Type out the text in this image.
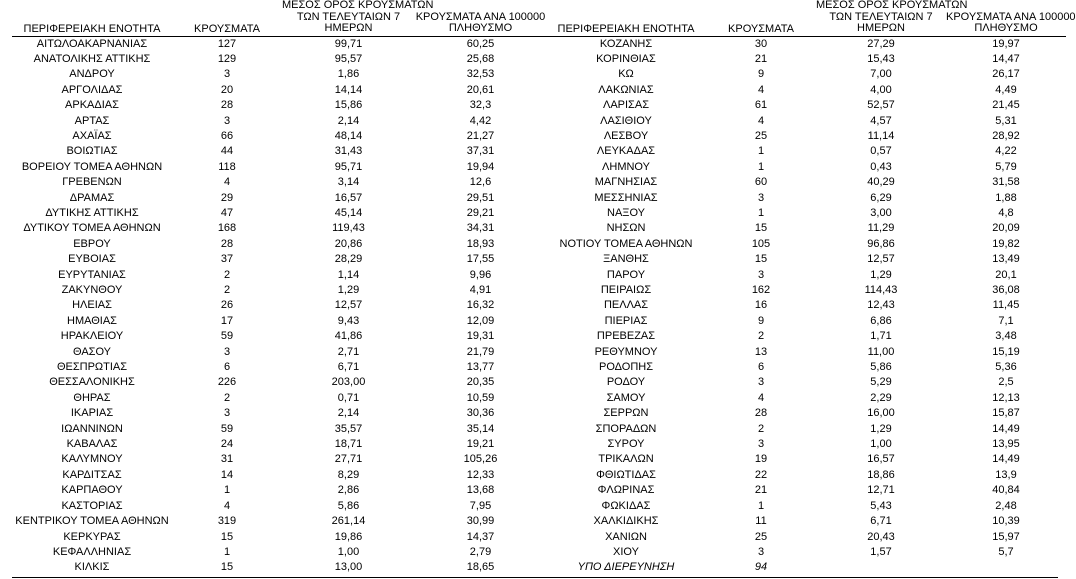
ΠΕΡΙΦΕΡΕΙΑΚΗ ΕΝΟΤΗΤΑ	ΚΡΟΥΣΜΑΤΑ	ΜΕΣΟΣ ΟΡΟΣ ΚΡΟΥΣΜΑΤΩΝ
ΤΩΝ ΤΕΛΕΥΤΑΙΩΝ 7
ΗΜΕΡΩΝ	ΚΡΟΥΣΜΑΤΑ ΑΝΑ 100000
ΠΛΗΘΥΣΜΟ

ΑΙΤΩΛΟΑΚΑΡΝΑΝΙΑΣ	127	99,71	60,25
ΑΝΑΤΟΛΙΚΗΣ ΑΤΤΙΚΗΣ	129	95,57	25,68
ΑΝΔΡΟΥ	3	1,86	32,53
ΑΡΓΟΛΙΔΑΣ	20	14,14	20,61
ΑΡΚΑΔΙΑΣ	28	15,86	32,3
ΑΡΤΑΣ	3	2,14	4,42
ΑΧΑΪΑΣ	66	48,14	21,27
ΒΟΙΩΤΙΑΣ	44	31,43	37,31
ΒΟΡΕΙΟΥ ΤΟΜΕΑ ΑΘΗΝΩΝ	118	95,71	19,94
ΓΡΕΒΕΝΩΝ	4	3,14	12,6
ΔΡΑΜΑΣ	29	16,57	29,51
ΔΥΤΙΚΗΣ ΑΤΤΙΚΗΣ	47	45,14	29,21
ΔΥΤΙΚΟΥ ΤΟΜΕΑ ΑΘΗΝΩΝ	168	119,43	34,31
ΕΒΡΟΥ	28	20,86	18,93
ΕΥΒΟΙΑΣ	37	28,29	17,55
ΕΥΡΥΤΑΝΙΑΣ	2	1,14	9,96
ΖΑΚΥΝΘΟΥ	2	1,29	4,91
ΗΛΕΙΑΣ	26	12,57	16,32
ΗΜΑΘΙΑΣ	17	9,43	12,09
ΗΡΑΚΛΕΙΟΥ	59	41,86	19,31
ΘΑΣΟΥ	3	2,71	21,79
ΘΕΣΠΡΩΤΙΑΣ	6	6,71	13,77
ΘΕΣΣΑΛΟΝΙΚΗΣ	226	203,00	20,35
ΘΗΡΑΣ	2	0,71	10,59
ΙΚΑΡΙΑΣ	3	2,14	30,36
ΙΩΑΝΝΙΝΩΝ	59	35,57	35,14
ΚΑΒΑΛΑΣ	24	18,71	19,21
ΚΑΛΥΜΝΟΥ	31	27,71	105,26
ΚΑΡΔΙΤΣΑΣ	14	8,29	12,33
ΚΑΡΠΑΘΟΥ	1	2,86	13,68
ΚΑΣΤΟΡΙΑΣ	4	5,86	7,95
ΚΕΝΤΡΙΚΟΥ ΤΟΜΕΑ ΑΘΗΝΩΝ	319	261,14	30,99
ΚΕΡΚΥΡΑΣ	15	19,86	14,37
ΚΕΦΑΛΛΗΝΙΑΣ	1	1,00	2,79
ΚΙΛΚΙΣ	15	13,00	18,65
ΠΕΡΙΦΕΡΕΙΑΚΗ ΕΝΟΤΗΤΑ	ΚΡΟΥΣΜΑΤΑ	ΜΕΣΟΣ ΟΡΟΣ ΚΡΟΥΣΜΑΤΩΝ
ΤΩΝ ΤΕΛΕΥΤΑΙΩΝ 7
ΗΜΕΡΩΝ	ΚΡΟΥΣΜΑΤΑ ΑΝΑ 100000
ΠΛΗΘΥΣΜΟ

ΚΟΖΑΝΗΣ	30	27,29	19,97
ΚΟΡΙΝΘΙΑΣ	21	15,43	14,47
ΚΩ	9	7,00	26,17
ΛΑΚΩΝΙΑΣ	4	4,00	4,49
ΛΑΡΙΣΑΣ	61	52,57	21,45
ΛΑΣΙΘΙΟΥ	4	4,57	5,31
ΛΕΣΒΟΥ	25	11,14	28,92
ΛΕΥΚΑΔΑΣ	1	0,57	4,22
ΛΗΜΝΟΥ	1	0,43	5,79
ΜΑΓΝΗΣΙΑΣ	60	40,29	31,58
ΜΕΣΣΗΝΙΑΣ	3	6,29	1,88
ΝΑΞΟΥ	1	3,00	4,8
ΝΗΣΩΝ	15	11,29	20,09
ΝΟΤΙΟΥ ΤΟΜΕΑ ΑΘΗΝΩΝ	105	96,86	19,82
ΞΑΝΘΗΣ	15	12,57	13,49
ΠΑΡΟΥ	3	1,29	20,1
ΠΕΙΡΑΙΩΣ	162	114,43	36,08
ΠΕΛΛΑΣ	16	12,43	11,45
ΠΙΕΡΙΑΣ	9	6,86	7,1
ΠΡΕΒΕΖΑΣ	2	1,71	3,48
ΡΕΘΥΜΝΟΥ	13	11,00	15,19
ΡΟΔΟΠΗΣ	6	5,86	5,36
ΡΟΔΟΥ	3	5,29	2,5
ΣΑΜΟΥ	4	2,29	12,13
ΣΕΡΡΩΝ	28	16,00	15,87
ΣΠΟΡΑΔΩΝ	2	1,29	14,49
ΣΥΡΟΥ	3	1,00	13,95
ΤΡΙΚΑΛΩΝ	19	16,57	14,49
ΦΘΙΩΤΙΔΑΣ	22	18,86	13,9
ΦΛΩΡΙΝΑΣ	21	12,71	40,84
ΦΩΚΙΔΑΣ	1	5,43	2,48
ΧΑΛΚΙΔΙΚΗΣ	11	6,71	10,39
ΧΑΝΙΩΝ	25	20,43	15,97
ΧΙΟΥ	3	1,57	5,7
ΥΠΟ ΔΙΕΡΕΥΝΗΣΗ	94		
